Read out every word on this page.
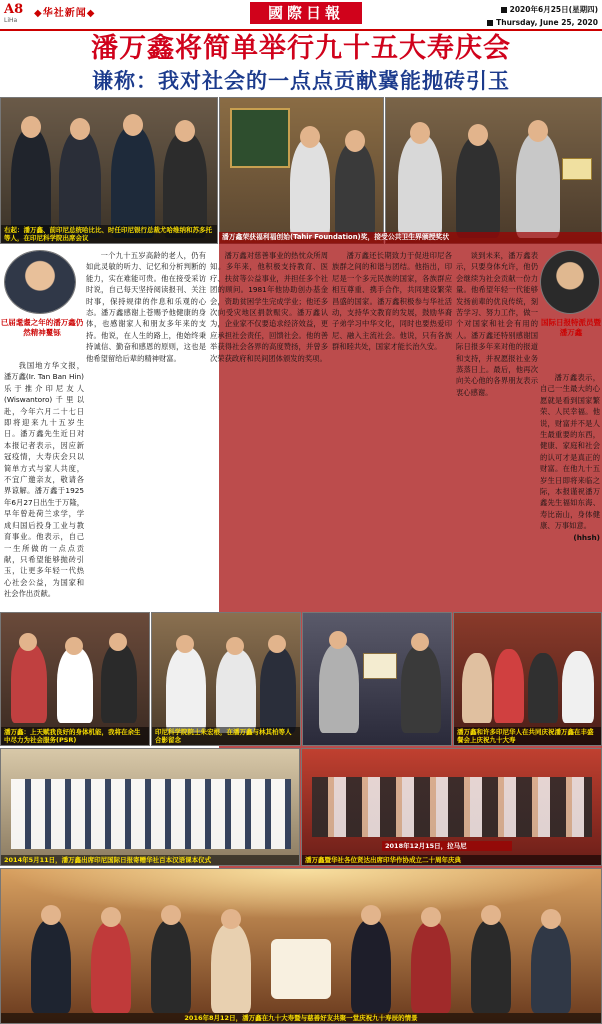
A8
LiHa
◆华社新闻◆	國際日報	2020年6月25日(星期四)
Thursday, June 25, 2020
潘万鑫将简单举行九十五大寿庆会
谦称：我对社会的一点点贡献冀能抛砖引玉
右起：潘万鑫、前印尼总统哈比比、时任印尼银行总裁尤哈维纳和苏多托等人，在印尼科学院出席会议	潘万鑫荣获福利福创始(Tahir Foundation)奖，接受公共卫生界颁授奖状
已届耄耋之年的潘万鑫仍然精神矍铄

我国地方华文报，潘万鑫(Ir. Tan Ban Hin)乐于推介印尼友人(Wiswantoro)千里以赴，今年六月二十七日即将迎来九十五岁生日。潘万鑫先生近日对本报记者表示，因应新冠疫情，大寿庆会只以简单方式与家人共度，不宜广邀亲友，敬请各界谅解。潘万鑫于1925年6月27日出生于万隆，早年曾赴荷兰求学，学成归国后投身工业与教育事业。他表示，自己一生所做的一点点贡献，只希望能够抛砖引玉，让更多年轻一代热心社会公益，为国家和社会作出贡献。

一个九十五岁高龄的老人，仍有如此灵敏的听力、记忆和分析判断的能力，实在难能可贵。他在接受采访时说，自己每天坚持阅读报刊、关注时事，保持规律的作息和乐观的心态。潘万鑫感谢上苍赐予他健康的身体，也感谢家人和朋友多年来的支持。他说，在人生的路上，他始终秉持诚信、勤奋和感恩的原则，这也是他希望留给后辈的精神财富。

潘万鑫对慈善事业的热忱众所周知。多年来，他积极支持教育、医疗、扶贫等公益事业，并担任多个社团的顾问。1981年他协助创办基金会，资助贫困学生完成学业；他还多次向受灾地区捐款赈灾。潘万鑫认为，企业家不仅要追求经济效益，更应承担社会责任，回馈社会。他的善举获得社会各界的高度赞扬，并曾多次荣获政府和民间团体颁发的奖项。

潘万鑫还长期致力于促进印尼各族群之间的和谐与团结。他指出，印尼是一个多元民族的国家，各族群应相互尊重、携手合作，共同建设繁荣昌盛的国家。潘万鑫积极参与华社活动，支持华文教育的发展，鼓励华裔子弟学习中华文化，同时也要热爱印尼、融入主流社会。他说，只有各族群和睦共处，国家才能长治久安。

谈到未来，潘万鑫表示，只要身体允许，他仍会继续为社会贡献一份力量。他希望年轻一代能够发扬前辈的优良传统，刻苦学习、努力工作，做一个对国家和社会有用的人。潘万鑫还特别感谢国际日报多年来对他的报道和支持，并祝愿报社业务蒸蒸日上。最后，他再次向关心他的各界朋友表示衷心感谢。

国际日报特派员暨潘万鑫

潘万鑫表示，自己一生最大的心愿就是看到国家繁荣、人民幸福。他说，财富并不是人生最重要的东西，健康、家庭和社会的认可才是真正的财富。在他九十五岁生日即将来临之际，本报谨祝潘万鑫先生福如东海、寿比南山，身体健康、万事如意。

(hhsh)
潘万鑫：上天赋我良好的身体机能，我将在余生中尽力为社会服务(PSR)
印尼科学院院士朱宏根，在潘万鑫与林其柏等人合影留念
潘万鑫和许多印尼华人在共同庆祝潘万鑫在丰盛餐会上庆祝九十大寿
2014年5月11日，潘万鑫出席印尼国际日报寄赠华社百本汉语课本仪式
2018年12月15日，拉马尼
潘万鑫暨华社各位贤达出席印华作协成立二十周年庆典
2016年8月12日，潘万鑫在九十大寿暨与慈善好友共聚一堂庆祝九十寿辰的情景
